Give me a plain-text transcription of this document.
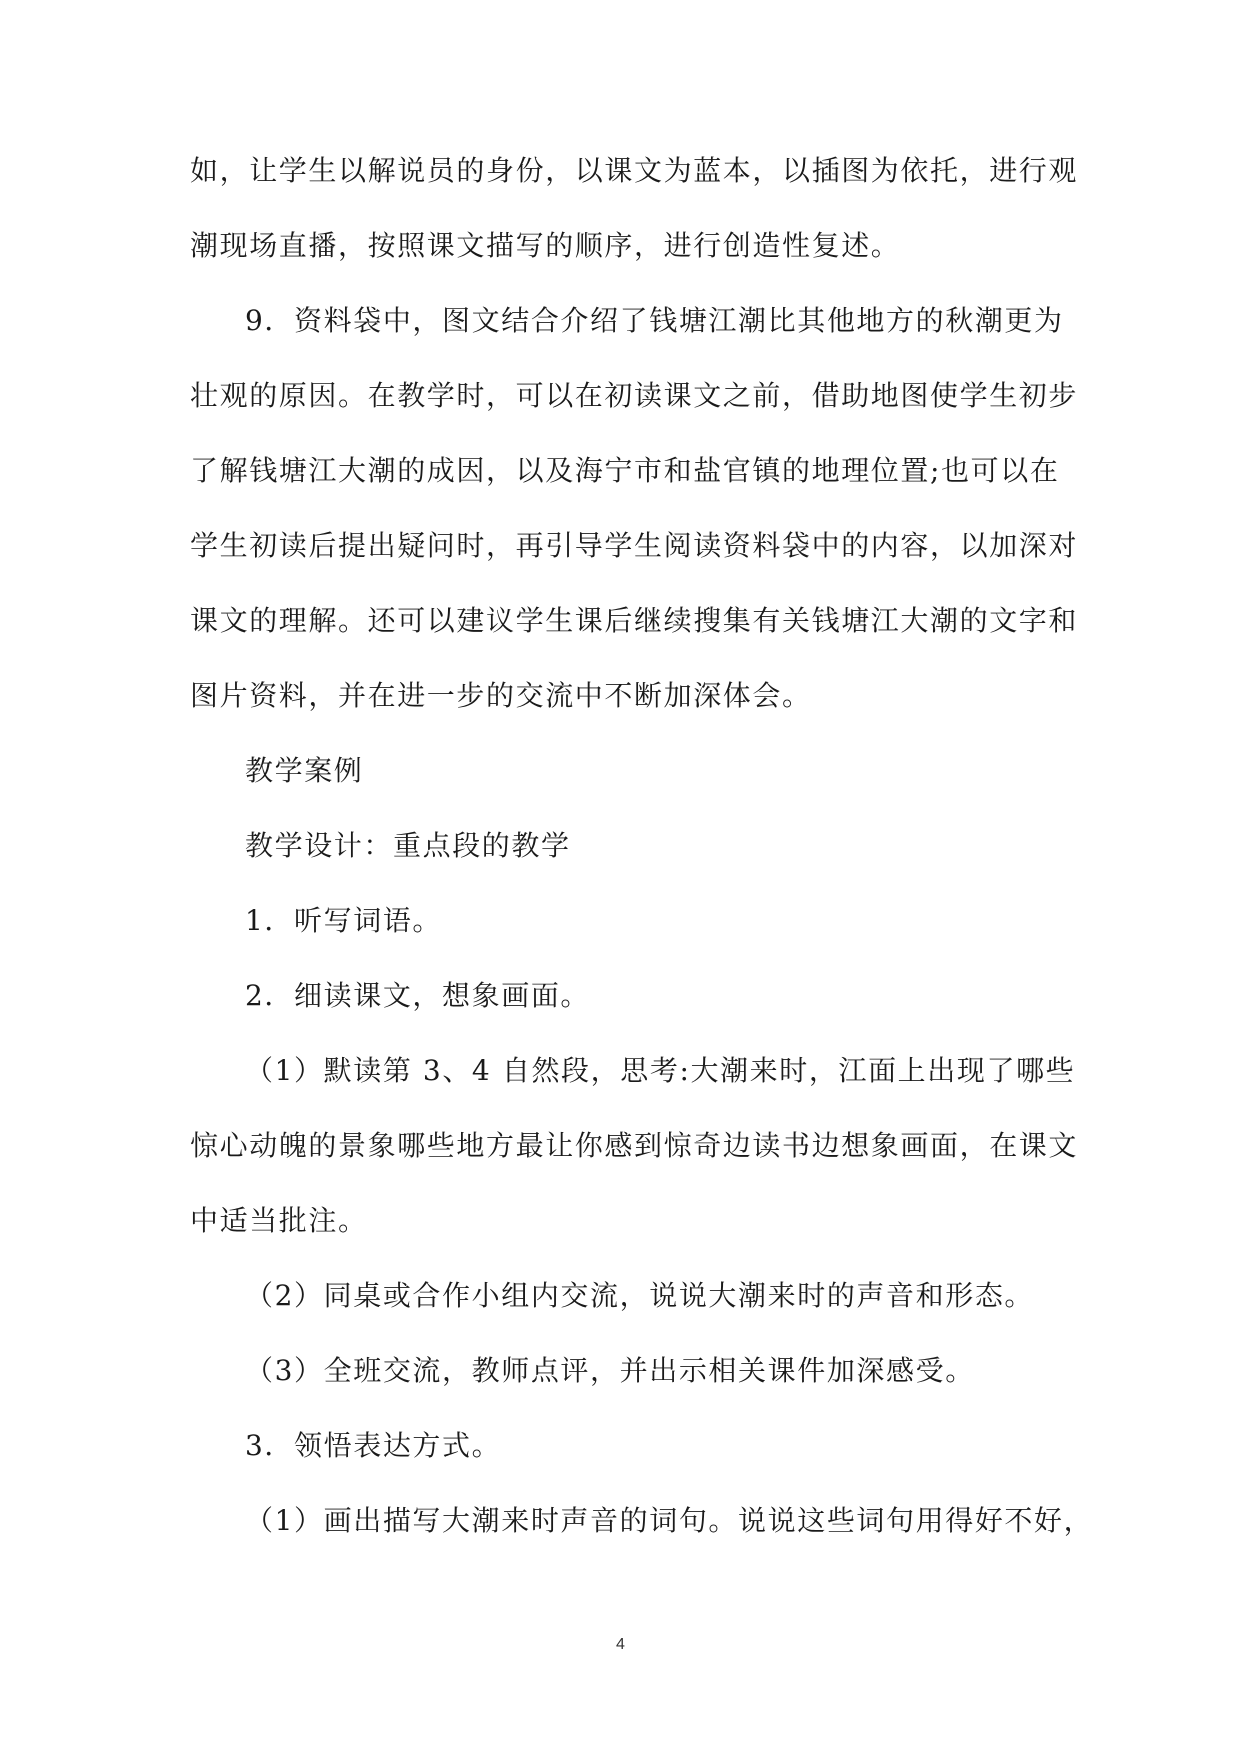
如，让学生以解说员的身份，以课文为蓝本，以插图为依托，进行观
潮现场直播，按照课文描写的顺序，进行创造性复述。
9．资料袋中，图文结合介绍了钱塘江潮比其他地方的秋潮更为
壮观的原因。在教学时，可以在初读课文之前，借助地图使学生初步
了解钱塘江大潮的成因，以及海宁市和盐官镇的地理位置;也可以在
学生初读后提出疑问时，再引导学生阅读资料袋中的内容，以加深对
课文的理解。还可以建议学生课后继续搜集有关钱塘江大潮的文字和
图片资料，并在进一步的交流中不断加深体会。
教学案例
教学设计：重点段的教学
1．听写词语。
2．细读课文，想象画面。
（1）默读第 3、4 自然段，思考:大潮来时，江面上出现了哪些
惊心动魄的景象哪些地方最让你感到惊奇边读书边想象画面，在课文
中适当批注。
（2）同桌或合作小组内交流，说说大潮来时的声音和形态。
（3）全班交流，教师点评，并出示相关课件加深感受。
3．领悟表达方式。
（1）画出描写大潮来时声音的词句。说说这些词句用得好不好，
4
